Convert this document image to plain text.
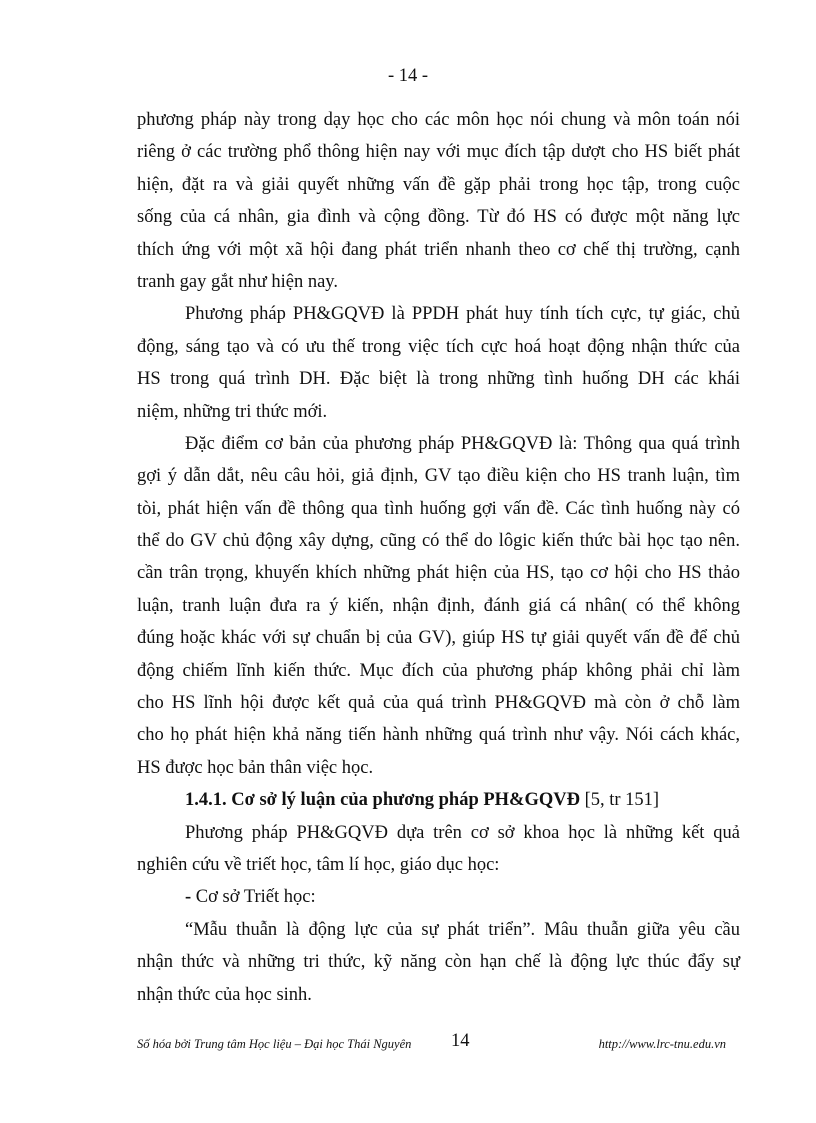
- 14 -
phương pháp này trong dạy học cho các môn học nói chung và môn toán nói
riêng ở các trường phổ thông hiện nay với mục đích tập dượt cho HS biết phát
hiện, đặt ra và giải quyết những vấn đề gặp phải trong học tập, trong cuộc
sống của cá nhân, gia đình và cộng đồng. Từ đó HS có được một năng lực
thích ứng với một xã hội đang phát triển nhanh theo cơ chế thị trường, cạnh
tranh gay gắt như hiện nay.
Phương pháp PH&GQVĐ là PPDH phát huy tính tích cực, tự giác, chủ
động, sáng tạo và có ưu thế trong việc tích cực hoá hoạt động nhận thức của
HS trong quá trình DH. Đặc biệt là trong những tình huống DH các khái
niệm, những tri thức mới.
Đặc điểm cơ bản của phương pháp PH&GQVĐ là: Thông qua quá trình
gợi ý dẫn dắt, nêu câu hỏi, giả định, GV tạo điều kiện cho HS tranh luận, tìm
tòi, phát hiện vấn đề thông qua tình huống gợi vấn đề. Các tình huống này có
thể do GV chủ động xây dựng, cũng có thể do lôgic kiến thức bài học tạo nên.
cần trân trọng, khuyến khích những phát hiện của HS, tạo cơ hội cho HS thảo
luận, tranh luận đưa ra ý kiến, nhận định, đánh giá cá nhân( có thể không
đúng hoặc khác với sự chuẩn bị của GV), giúp HS tự giải quyết vấn đề để chủ
động chiếm lĩnh kiến thức. Mục đích của phương pháp không phải chỉ làm
cho HS lĩnh hội được kết quả của quá trình PH&GQVĐ mà còn ở chỗ làm
cho họ phát hiện khả năng tiến hành những quá trình như vậy. Nói cách khác,
HS được học bản thân việc học.
1.4.1. Cơ sở lý luận của phương pháp PH&GQVĐ [5, tr 151]
Phương pháp PH&GQVĐ dựa trên cơ sở khoa học là những kết quả
nghiên cứu về triết học, tâm lí học, giáo dục học:
- Cơ sở Triết học:
“Mẫu thuẫn là động lực của sự phát triển”. Mâu thuẫn giữa yêu cầu
nhận thức và những tri thức, kỹ năng còn hạn chế là động lực thúc đẩy sự
nhận thức của học sinh.
Số hóa bởi Trung tâm Học liệu – Đại học Thái Nguyên 14	http://www.lrc-tnu.edu.vn
